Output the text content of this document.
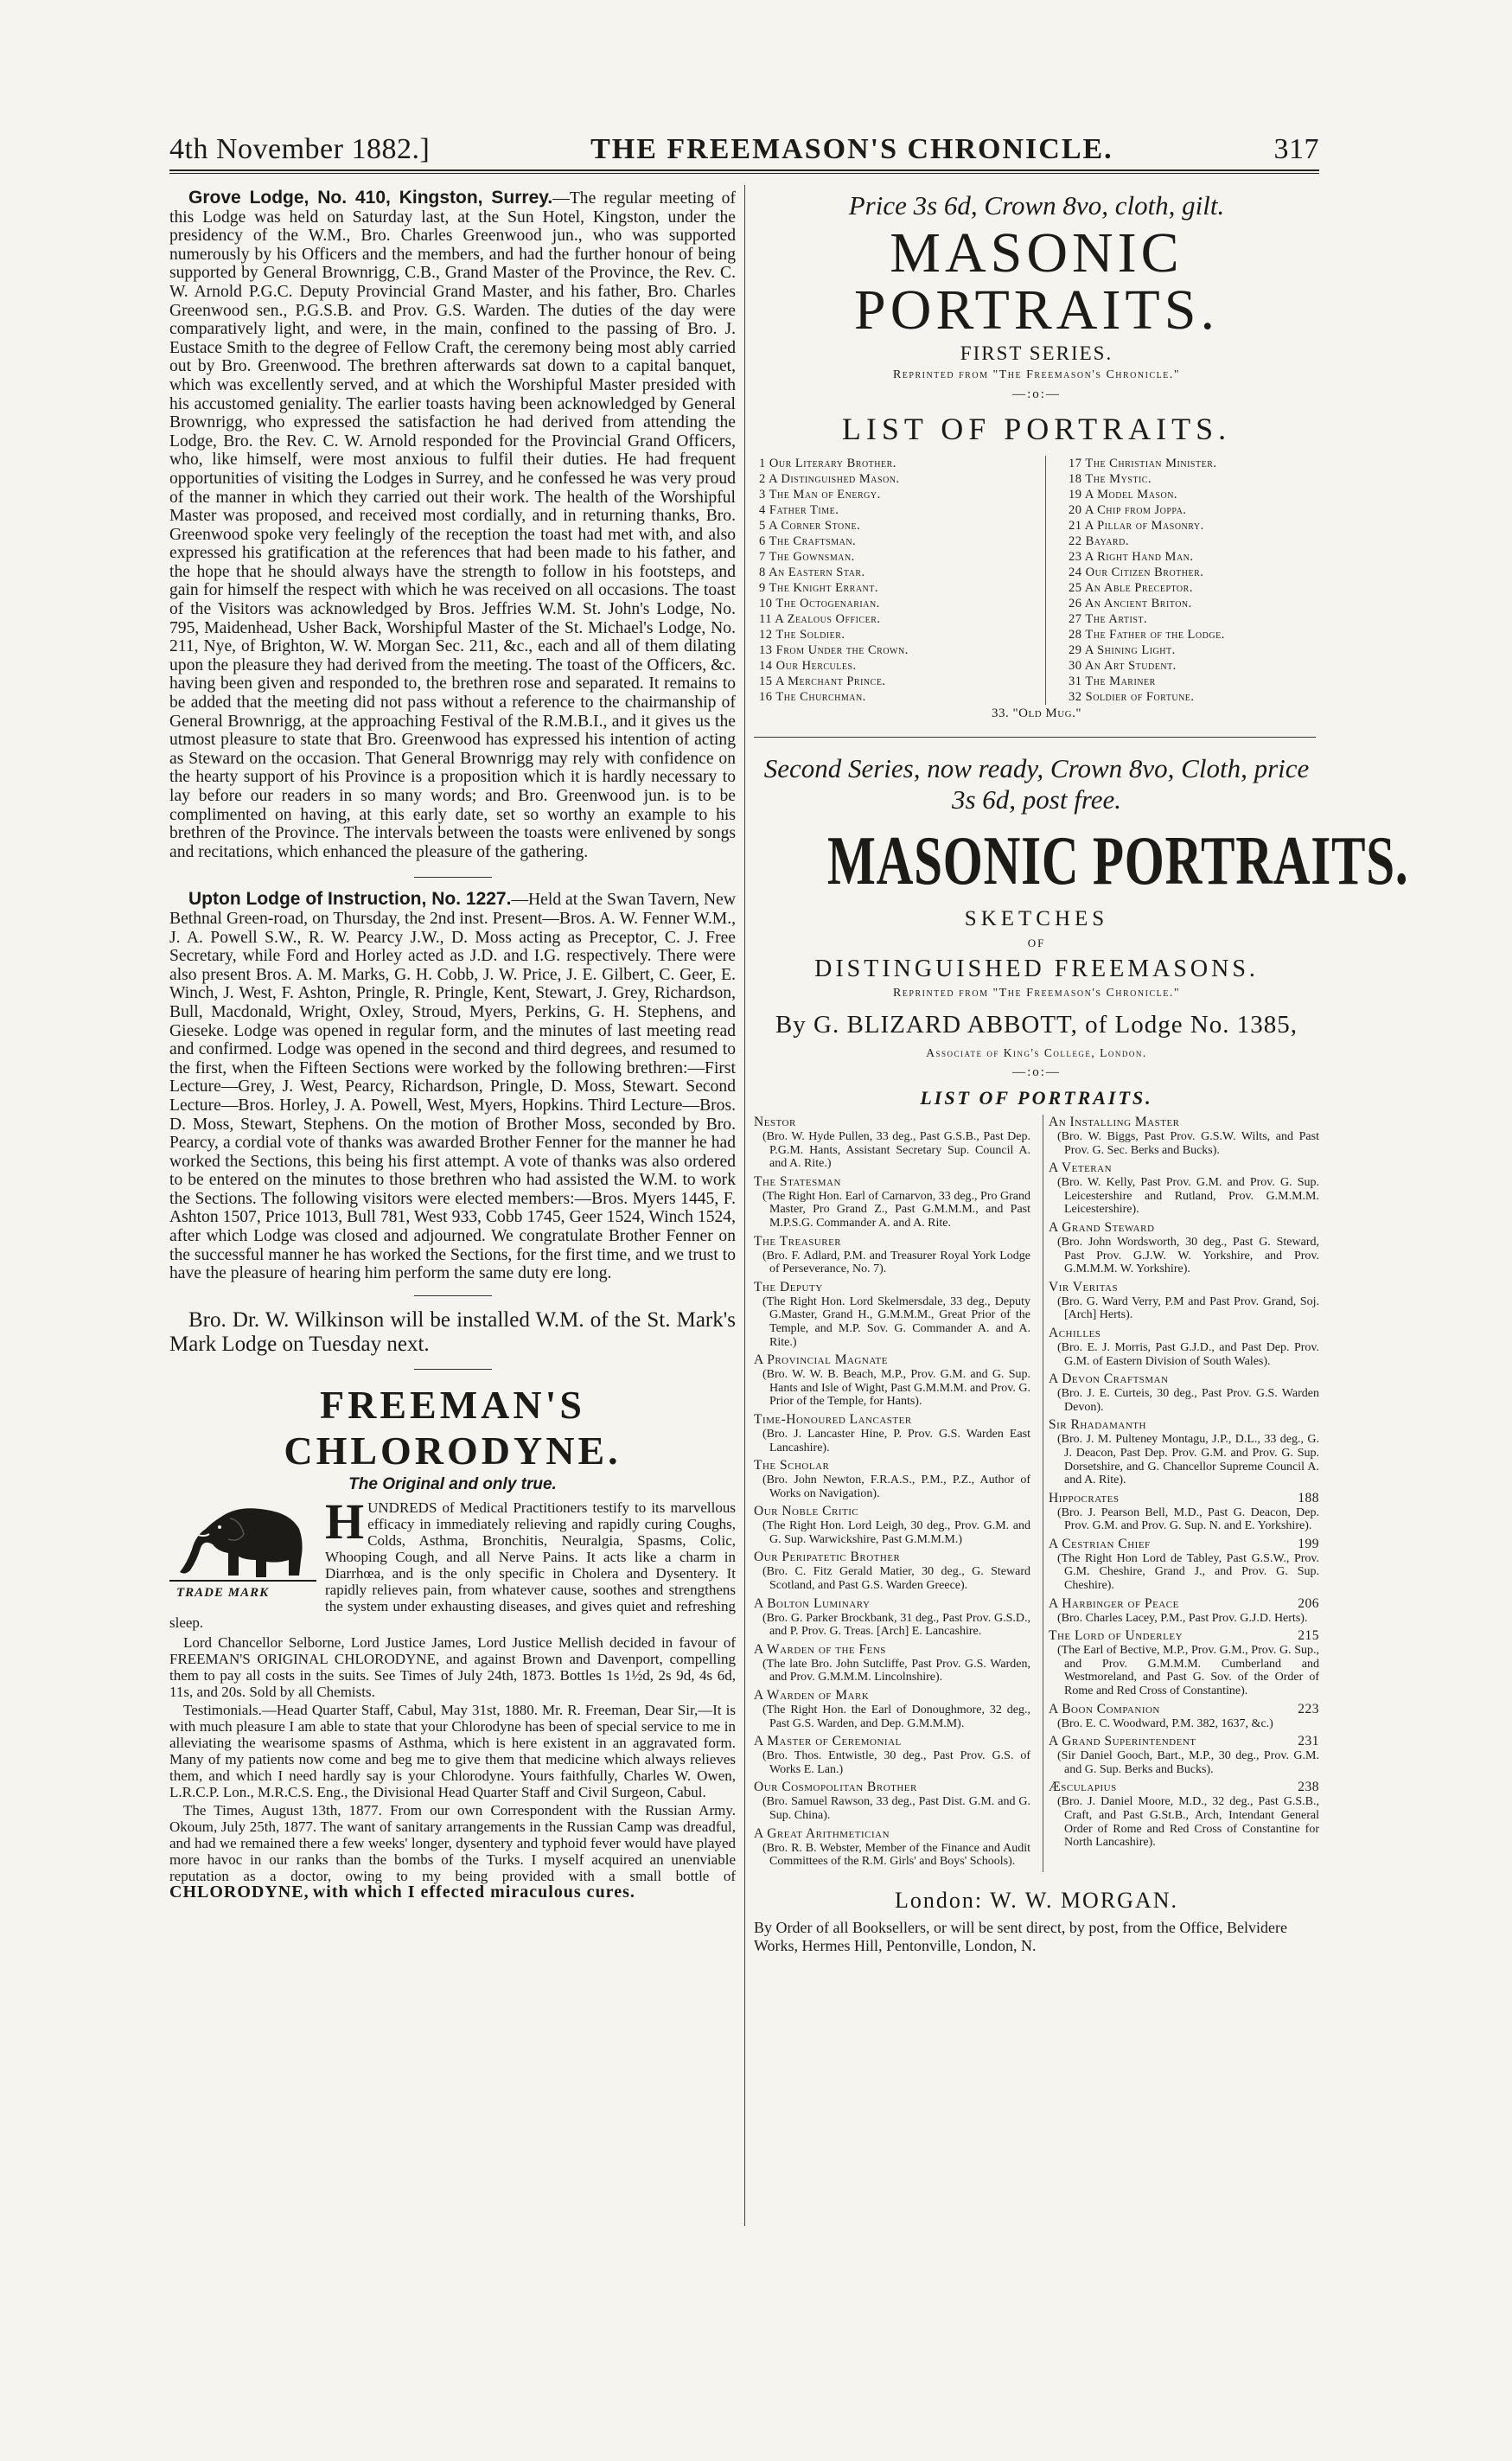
4th November 1882.]	THE FREEMASON'S CHRONICLE.	317

Grove Lodge, No. 410, Kingston, Surrey.—The regular meeting of this Lodge was held on Saturday last, at the Sun Hotel, Kingston, under the presidency of the W.M., Bro. Charles Greenwood jun., who was supported numerously by his Officers and the members, and had the further honour of being supported by General Brownrigg, C.B., Grand Master of the Province, the Rev. C. W. Arnold P.G.C. Deputy Provincial Grand Master, and his father, Bro. Charles Greenwood sen., P.G.S.B. and Prov. G.S. Warden. The duties of the day were comparatively light, and were, in the main, confined to the passing of Bro. J. Eustace Smith to the degree of Fellow Craft, the ceremony being most ably carried out by Bro. Greenwood. The brethren afterwards sat down to a capital banquet, which was excellently served, and at which the Worshipful Master presided with his accustomed geniality. The earlier toasts having been acknowledged by General Brownrigg, who expressed the satisfaction he had derived from attending the Lodge, Bro. the Rev. C. W. Arnold responded for the Provincial Grand Officers, who, like himself, were most anxious to fulfil their duties. He had frequent opportunities of visiting the Lodges in Surrey, and he confessed he was very proud of the manner in which they carried out their work. The health of the Worshipful Master was proposed, and received most cordially, and in returning thanks, Bro. Greenwood spoke very feelingly of the reception the toast had met with, and also expressed his gratification at the references that had been made to his father, and the hope that he should always have the strength to follow in his footsteps, and gain for himself the respect with which he was received on all occasions. The toast of the Visitors was acknowledged by Bros. Jeffries W.M. St. John's Lodge, No. 795, Maidenhead, Usher Back, Worshipful Master of the St. Michael's Lodge, No. 211, Nye, of Brighton, W. W. Morgan Sec. 211, &c., each and all of them dilating upon the pleasure they had derived from the meeting. The toast of the Officers, &c. having been given and responded to, the brethren rose and separated. It remains to be added that the meeting did not pass without a reference to the chairmanship of General Brownrigg, at the approaching Festival of the R.M.B.I., and it gives us the utmost pleasure to state that Bro. Greenwood has expressed his intention of acting as Steward on the occasion. That General Brownrigg may rely with confidence on the hearty support of his Province is a proposition which it is hardly necessary to lay before our readers in so many words; and Bro. Greenwood jun. is to be complimented on having, at this early date, set so worthy an example to his brethren of the Province. The intervals between the toasts were enlivened by songs and recitations, which enhanced the pleasure of the gathering.

Upton Lodge of Instruction, No. 1227.—Held at the Swan Tavern, New Bethnal Green-road, on Thursday, the 2nd inst. Present—Bros. A. W. Fenner W.M., J. A. Powell S.W., R. W. Pearcy J.W., D. Moss acting as Preceptor, C. J. Free Secretary, while Ford and Horley acted as J.D. and I.G. respectively. There were also present Bros. A. M. Marks, G. H. Cobb, J. W. Price, J. E. Gilbert, C. Geer, E. Winch, J. West, F. Ashton, Pringle, R. Pringle, Kent, Stewart, J. Grey, Richardson, Bull, Macdonald, Wright, Oxley, Stroud, Myers, Perkins, G. H. Stephens, and Gieseke. Lodge was opened in regular form, and the minutes of last meeting read and confirmed. Lodge was opened in the second and third degrees, and resumed to the first, when the Fifteen Sections were worked by the following brethren:—First Lecture—Grey, J. West, Pearcy, Richardson, Pringle, D. Moss, Stewart. Second Lecture—Bros. Horley, J. A. Powell, West, Myers, Hopkins. Third Lecture—Bros. D. Moss, Stewart, Stephens. On the motion of Brother Moss, seconded by Bro. Pearcy, a cordial vote of thanks was awarded Brother Fenner for the manner he had worked the Sections, this being his first attempt. A vote of thanks was also ordered to be entered on the minutes to those brethren who had assisted the W.M. to work the Sections. The following visitors were elected members:—Bros. Myers 1445, F. Ashton 1507, Price 1013, Bull 781, West 933, Cobb 1745, Geer 1524, Winch 1524, after which Lodge was closed and adjourned. We congratulate Brother Fenner on the successful manner he has worked the Sections, for the first time, and we trust to have the pleasure of hearing him perform the same duty ere long.

Bro. Dr. W. Wilkinson will be installed W.M. of the St. Mark's Mark Lodge on Tuesday next.

FREEMAN'S CHLORODYNE.
The Original and only true.
TRADE MARK
H UNDREDS of Medical Practitioners testify to its marvellous efficacy in immediately relieving and rapidly curing Coughs, Colds, Asthma, Bronchitis, Neuralgia, Spasms, Colic, Whooping Cough, and all Nerve Pains. It acts like a charm in Diarrhœa, and is the only specific in Cholera and Dysentery. It rapidly relieves pain, from whatever cause, soothes and strengthens the system under exhausting diseases, and gives quiet and refreshing sleep.

Lord Chancellor Selborne, Lord Justice James, Lord Justice Mellish decided in favour of FREEMAN'S ORIGINAL CHLORODYNE, and against Brown and Davenport, compelling them to pay all costs in the suits. See Times of July 24th, 1873. Bottles 1s 1½d, 2s 9d, 4s 6d, 11s, and 20s. Sold by all Chemists.

Testimonials.—Head Quarter Staff, Cabul, May 31st, 1880. Mr. R. Freeman, Dear Sir,—It is with much pleasure I am able to state that your Chlorodyne has been of special service to me in alleviating the wearisome spasms of Asthma, which is here existent in an aggravated form. Many of my patients now come and beg me to give them that medicine which always relieves them, and which I need hardly say is your Chlorodyne. Yours faithfully, Charles W. Owen, L.R.C.P. Lon., M.R.C.S. Eng., the Divisional Head Quarter Staff and Civil Surgeon, Cabul.

The Times, August 13th, 1877. From our own Correspondent with the Russian Army. Okoum, July 25th, 1877. The want of sanitary arrangements in the Russian Camp was dreadful, and had we remained there a few weeks' longer, dysentery and typhoid fever would have played more havoc in our ranks than the bombs of the Turks. I myself acquired an unenviable reputation as a doctor, owing to my being provided with a small bottle of CHLORODYNE, with which I effected miraculous cures.

Price 3s 6d, Crown 8vo, cloth, gilt.
MASONIC PORTRAITS.
FIRST SERIES.
Reprinted from "The Freemason's Chronicle."
—:o:—
LIST OF PORTRAITS.
1 Our Literary Brother.
2 A Distinguished Mason.
3 The Man of Energy.
4 Father Time.
5 A Corner Stone.
6 The Craftsman.
7 The Gownsman.
8 An Eastern Star.
9 The Knight Errant.
10 The Octogenarian.
11 A Zealous Officer.
12 The Soldier.
13 From Under the Crown.
14 Our Hercules.
15 A Merchant Prince.
16 The Churchman.
17 The Christian Minister.
18 The Mystic.
19 A Model Mason.
20 A Chip from Joppa.
21 A Pillar of Masonry.
22 Bayard.
23 A Right Hand Man.
24 Our Citizen Brother.
25 An Able Preceptor.
26 An Ancient Briton.
27 The Artist.
28 The Father of the Lodge.
29 A Shining Light.
30 An Art Student.
31 The Mariner
32 Soldier of Fortune.
33. "Old Mug."
Second Series, now ready, Crown 8vo, Cloth, price 3s 6d, post free.
MASONIC PORTRAITS.
SKETCHES
OF
DISTINGUISHED FREEMASONS.
Reprinted from "The Freemason's Chronicle."
By G. BLIZARD ABBOTT, of Lodge No. 1385,
Associate of King's College, London.
—:o:—
LIST OF PORTRAITS.
Nestor
(Bro. W. Hyde Pullen, 33 deg., Past G.S.B., Past Dep. P.G.M. Hants, Assistant Secretary Sup. Council A. and A. Rite.)
The Statesman
(The Right Hon. Earl of Carnarvon, 33 deg., Pro Grand Master, Pro Grand Z., Past G.M.M.M., and Past M.P.S.G. Commander A. and A. Rite.
The Treasurer
(Bro. F. Adlard, P.M. and Treasurer Royal York Lodge of Perseverance, No. 7).
The Deputy
(The Right Hon. Lord Skelmersdale, 33 deg., Deputy G.Master, Grand H., G.M.M.M., Great Prior of the Temple, and M.P. Sov. G. Commander A. and A. Rite.)
A Provincial Magnate
(Bro. W. W. B. Beach, M.P., Prov. G.M. and G. Sup. Hants and Isle of Wight, Past G.M.M.M. and Prov. G. Prior of the Temple, for Hants).
Time-Honoured Lancaster
(Bro. J. Lancaster Hine, P. Prov. G.S. Warden East Lancashire).
The Scholar
(Bro. John Newton, F.R.A.S., P.M., P.Z., Author of Works on Navigation).
Our Noble Critic
(The Right Hon. Lord Leigh, 30 deg., Prov. G.M. and G. Sup. Warwickshire, Past G.M.M.M.)
Our Peripatetic Brother
(Bro. C. Fitz Gerald Matier, 30 deg., G. Steward Scotland, and Past G.S. Warden Greece).
A Bolton Luminary
(Bro. G. Parker Brockbank, 31 deg., Past Prov. G.S.D., and P. Prov. G. Treas. [Arch] E. Lancashire.
A Warden of the Fens
(The late Bro. John Sutcliffe, Past Prov. G.S. Warden, and Prov. G.M.M.M. Lincolnshire).
A Warden of Mark
(The Right Hon. the Earl of Donoughmore, 32 deg., Past G.S. Warden, and Dep. G.M.M.M).
A Master of Ceremonial
(Bro. Thos. Entwistle, 30 deg., Past Prov. G.S. of Works E. Lan.)
Our Cosmopolitan Brother
(Bro. Samuel Rawson, 33 deg., Past Dist. G.M. and G. Sup. China).
A Great Arithmetician
(Bro. R. B. Webster, Member of the Finance and Audit Committees of the R.M. Girls' and Boys' Schools).
An Installing Master
(Bro. W. Biggs, Past Prov. G.S.W. Wilts, and Past Prov. G. Sec. Berks and Bucks).
A Veteran
(Bro. W. Kelly, Past Prov. G.M. and Prov. G. Sup. Leicestershire and Rutland, Prov. G.M.M.M. Leicestershire).
A Grand Steward
(Bro. John Wordsworth, 30 deg., Past G. Steward, Past Prov. G.J.W. W. Yorkshire, and Prov. G.M.M.M. W. Yorkshire).
Vir Veritas
(Bro. G. Ward Verry, P.M and Past Prov. Grand, Soj.[Arch] Herts).
Achilles
(Bro. E. J. Morris, Past G.J.D., and Past Dep. Prov. G.M. of Eastern Division of South Wales).
A Devon Craftsman
(Bro. J. E. Curteis, 30 deg., Past Prov. G.S. Warden Devon).
Sir Rhadamanth
(Bro. J. M. Pulteney Montagu, J.P., D.L., 33 deg., G. J. Deacon, Past Dep. Prov. G.M. and Prov. G. Sup. Dorsetshire, and G. Chancellor Supreme Council A. and A. Rite).
Hippocrates	188
(Bro. J. Pearson Bell, M.D., Past G. Deacon, Dep. Prov. G.M. and Prov. G. Sup. N. and E. Yorkshire).
A Cestrian Chief	199
(The Right Hon Lord de Tabley, Past G.S.W., Prov. G.M. Cheshire, Grand J., and Prov. G. Sup. Cheshire).
A Harbinger of Peace	206
(Bro. Charles Lacey, P.M., Past Prov. G.J.D. Herts).
The Lord of Underley	215
(The Earl of Bective, M.P., Prov. G.M., Prov. G. Sup., and Prov. G.M.M.M. Cumberland and Westmoreland, and Past G. Sov. of the Order of Rome and Red Cross of Constantine).
A Boon Companion	223
(Bro. E. C. Woodward, P.M. 382, 1637, &c.)
A Grand Superintendent	231
(Sir Daniel Gooch, Bart., M.P., 30 deg., Prov. G.M. and G. Sup. Berks and Bucks).
Æsculapius	238
(Bro. J. Daniel Moore, M.D., 32 deg., Past G.S.B., Craft, and Past G.St.B., Arch, Intendant General Order of Rome and Red Cross of Constantine for North Lancashire).
London: W. W. MORGAN.
By Order of all Booksellers, or will be sent direct, by post, from the Office, Belvidere Works, Hermes Hill, Pentonville, London, N.
